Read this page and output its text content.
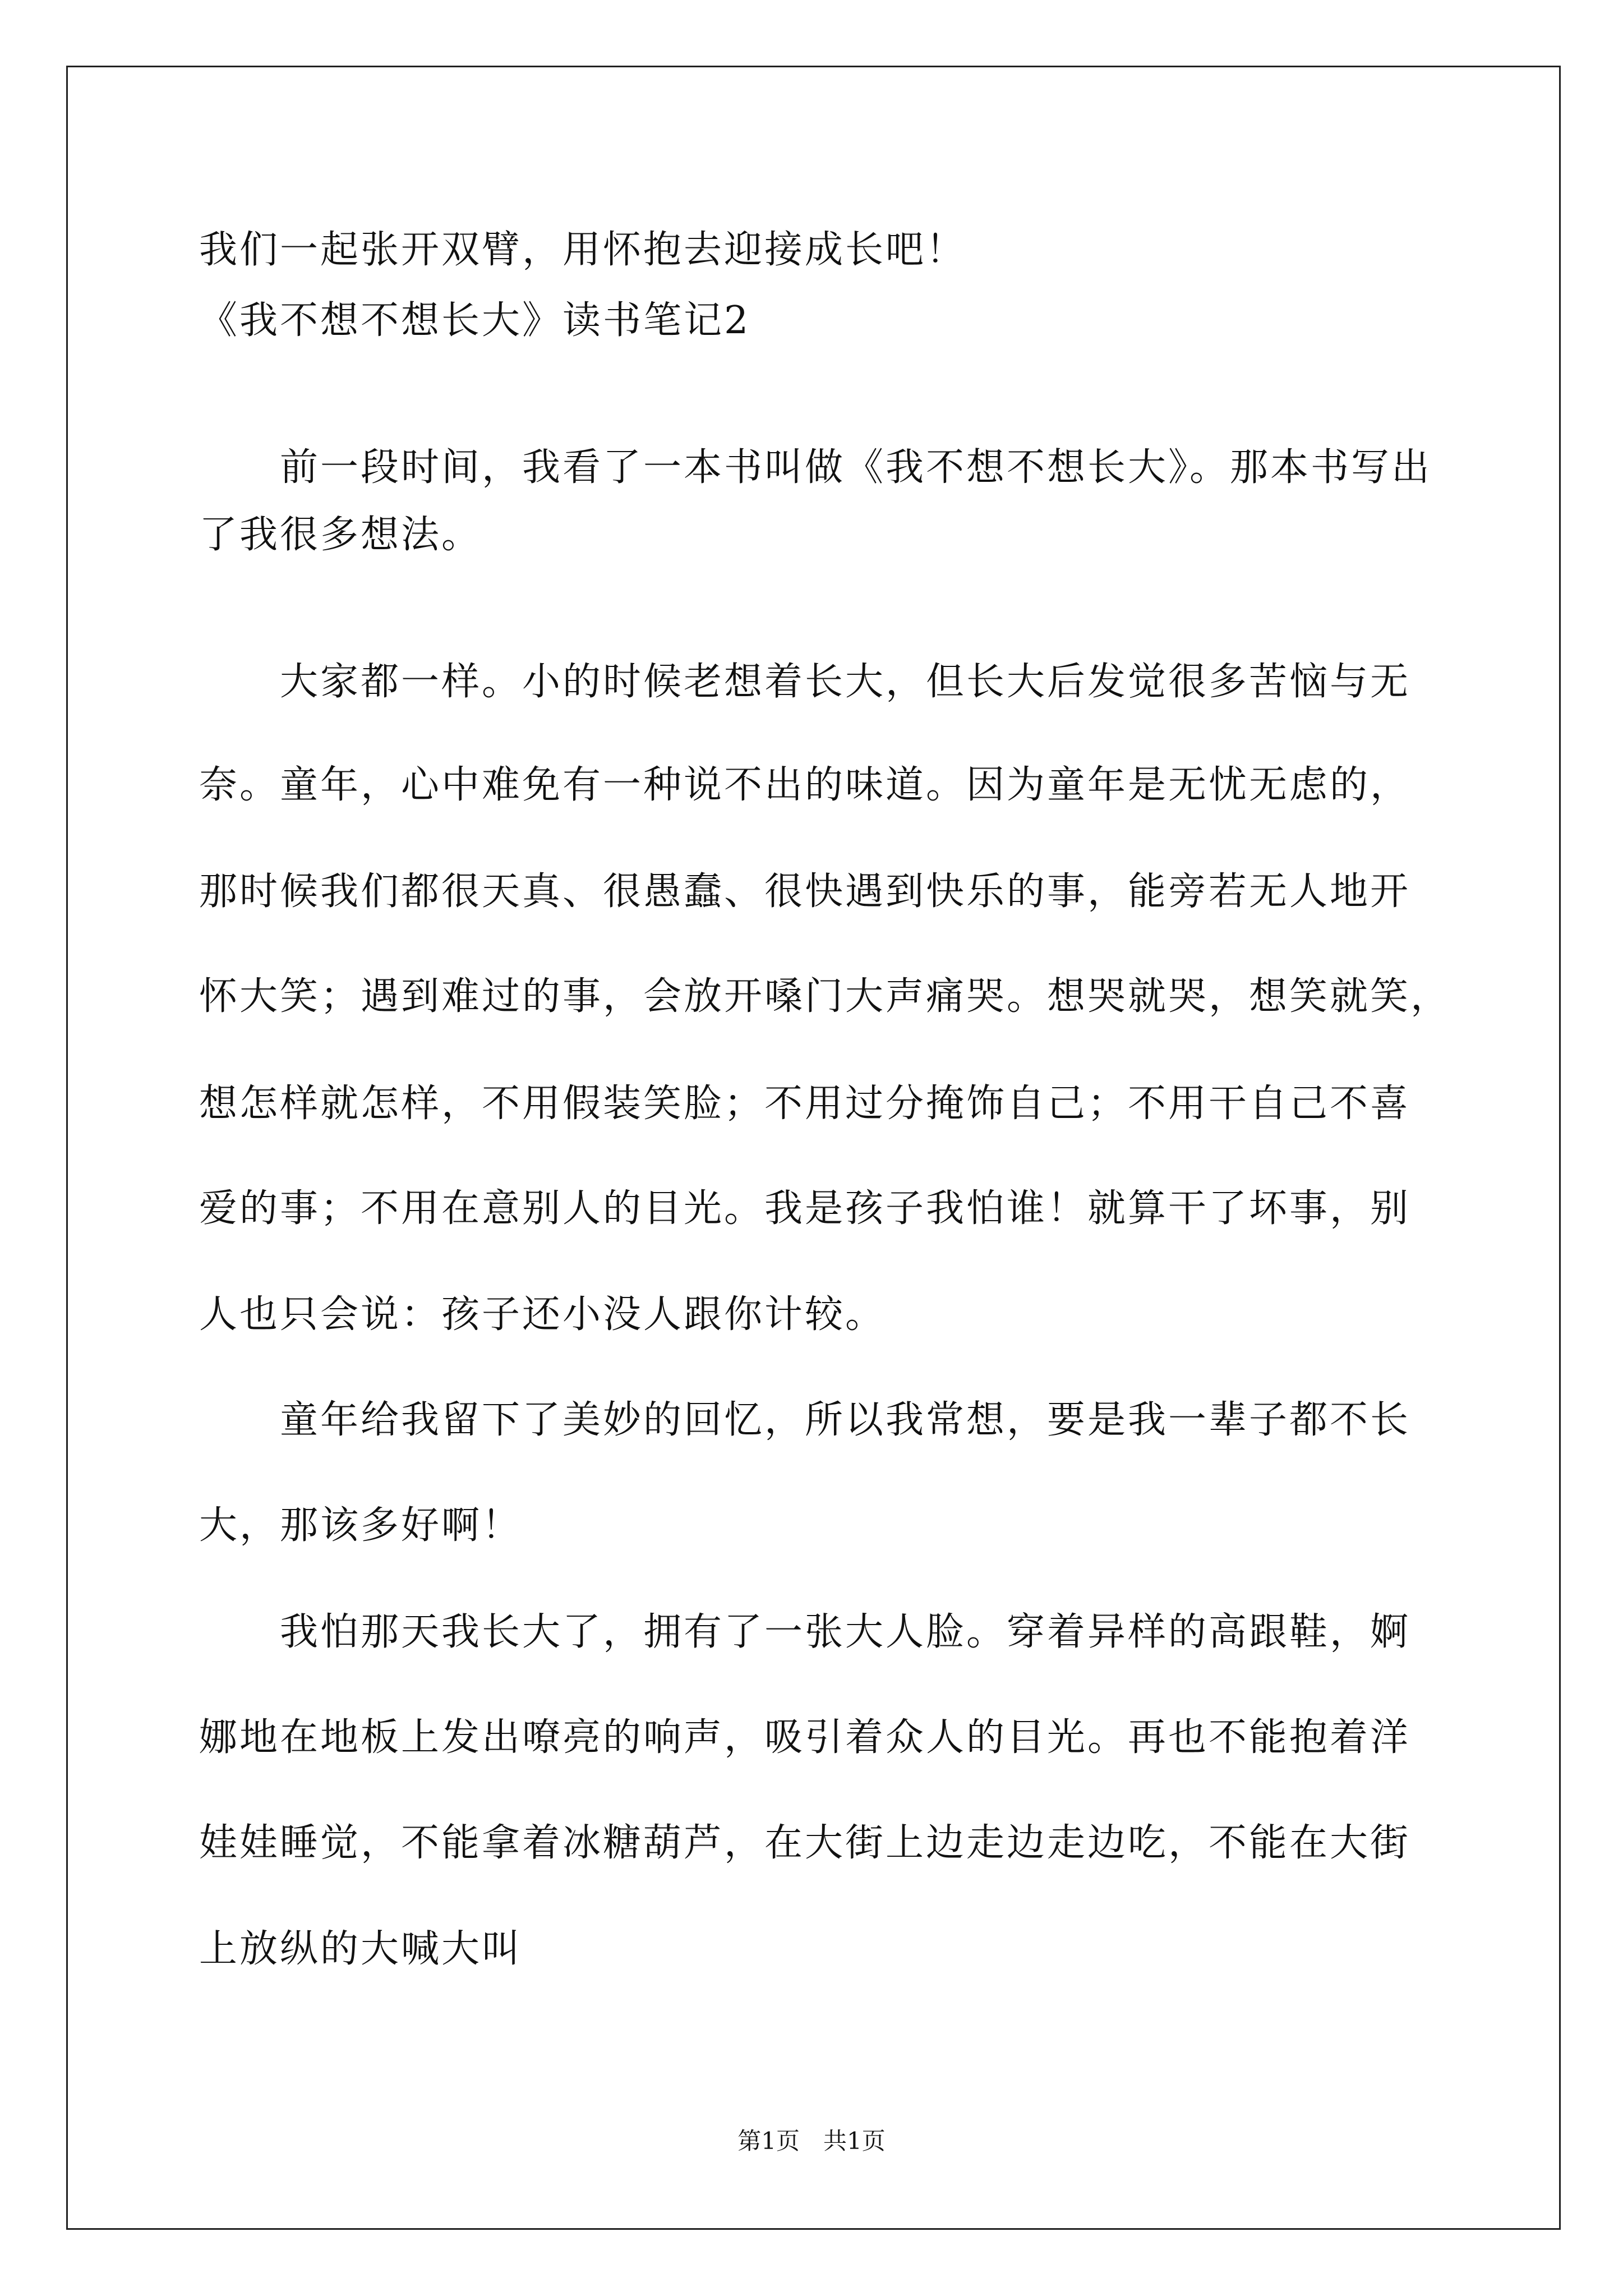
我们一起张开双臂，用怀抱去迎接成长吧！
《我不想不想长大》读书笔记2
　　前一段时间，我看了一本书叫做《我不想不想长大》。那本书写出
了我很多想法。
　　大家都一样。小的时候老想着长大，但长大后发觉很多苦恼与无
奈。童年，心中难免有一种说不出的味道。因为童年是无忧无虑的，
那时候我们都很天真、很愚蠢、很快遇到快乐的事，能旁若无人地开
怀大笑；遇到难过的事，会放开嗓门大声痛哭。想哭就哭，想笑就笑，
想怎样就怎样，不用假装笑脸；不用过分掩饰自己；不用干自己不喜
爱的事；不用在意别人的目光。我是孩子我怕谁！就算干了坏事，别
人也只会说：孩子还小没人跟你计较。
　　童年给我留下了美妙的回忆，所以我常想，要是我一辈子都不长
大，那该多好啊！
　　我怕那天我长大了，拥有了一张大人脸。穿着异样的高跟鞋，婀
娜地在地板上发出嘹亮的响声，吸引着众人的目光。再也不能抱着洋
娃娃睡觉，不能拿着冰糖葫芦，在大街上边走边走边吃，不能在大街
上放纵的大喊大叫
第1页　共1页
